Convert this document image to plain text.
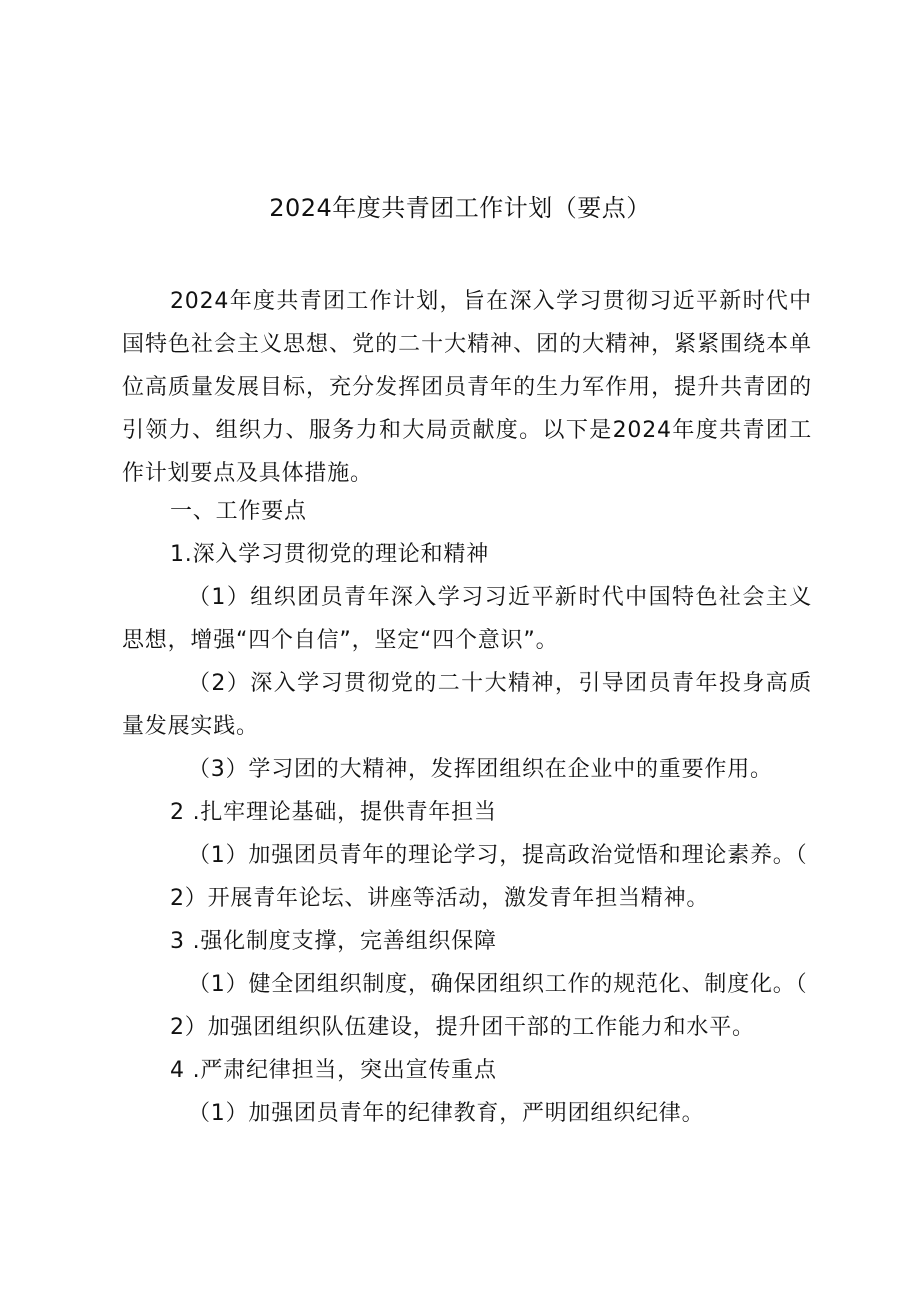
2024年度共青团工作计划（要点）

2024年度共青团工作计划，旨在深入学习贯彻习近平新时代中国特色社会主义思想、党的二十大精神、团的大精神，紧紧围绕本单位高质量发展目标，充分发挥团员青年的生力军作用，提升共青团的引领力、组织力、服务力和大局贡献度。以下是2024年度共青团工作计划要点及具体措施。

一、工作要点

1.深入学习贯彻党的理论和精神

（1）组织团员青年深入学习习近平新时代中国特色社会主义思想，增强“四个自信”，坚定“四个意识”。

（2）深入学习贯彻党的二十大精神，引导团员青年投身高质量发展实践。

（3）学习团的大精神，发挥团组织在企业中的重要作用。

2 .扎牢理论基础，提供青年担当

（1）加强团员青年的理论学习，提高政治觉悟和理论素养。（

2）开展青年论坛、讲座等活动，激发青年担当精神。

3 .强化制度支撑，完善组织保障

（1）健全团组织制度，确保团组织工作的规范化、制度化。（

2）加强团组织队伍建设，提升团干部的工作能力和水平。

4 .严肃纪律担当，突出宣传重点

（1）加强团员青年的纪律教育，严明团组织纪律。
